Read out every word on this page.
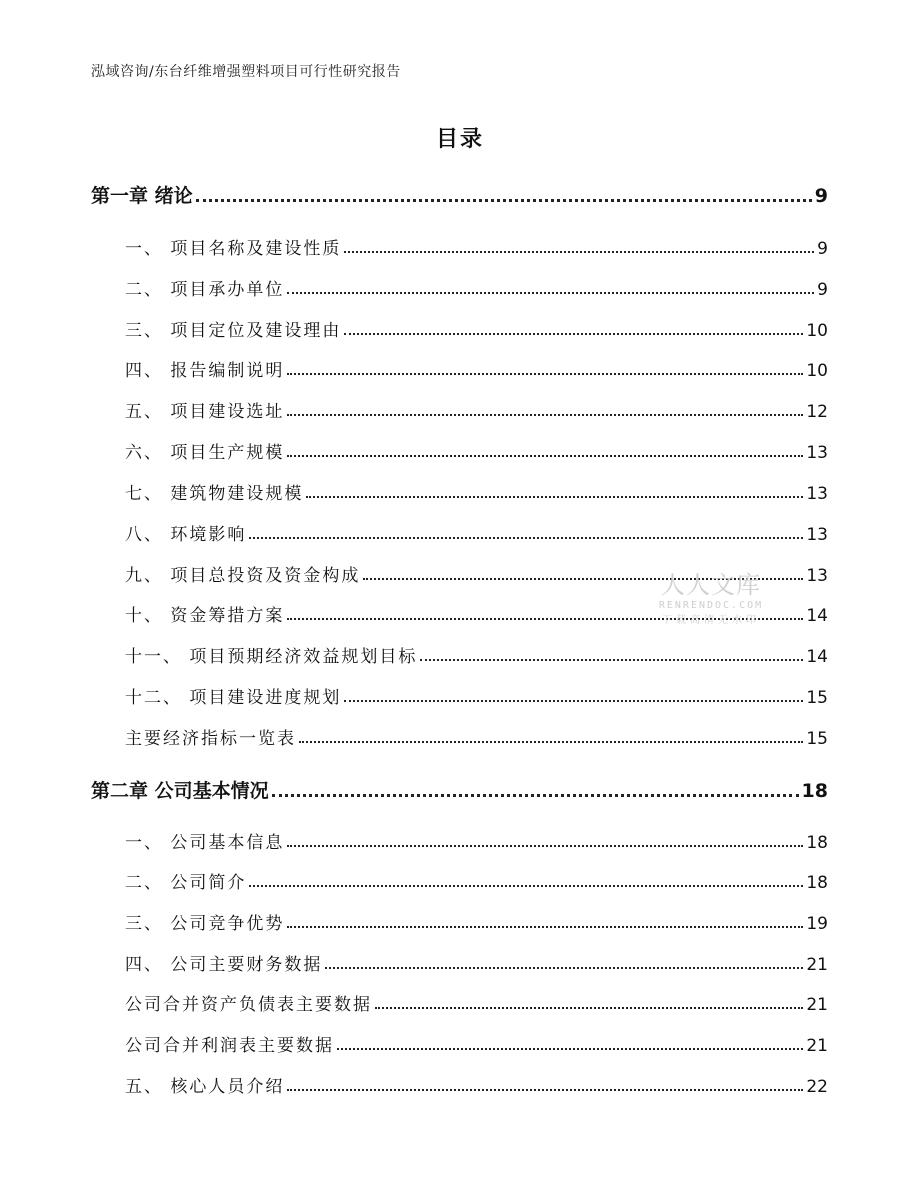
泓域咨询/东台纤维增强塑料项目可行性研究报告
目录
第一章 绪论	9
一、 项目名称及建设性质	9
二、 项目承办单位	9
三、 项目定位及建设理由	10
四、 报告编制说明	10
五、 项目建设选址	12
六、 项目生产规模	13
七、 建筑物建设规模	13
八、 环境影响	13
九、 项目总投资及资金构成	13
十、 资金筹措方案	14
十一、 项目预期经济效益规划目标	14
十二、 项目建设进度规划	15
主要经济指标一览表	15
第二章 公司基本情况	18
一、 公司基本信息	18
二、 公司简介	18
三、 公司竞争优势	19
四、 公司主要财务数据	21
公司合并资产负债表主要数据	21
公司合并利润表主要数据	21
五、 核心人员介绍	22
人人文库
RENRENDOC.COM
下载高清无水印
